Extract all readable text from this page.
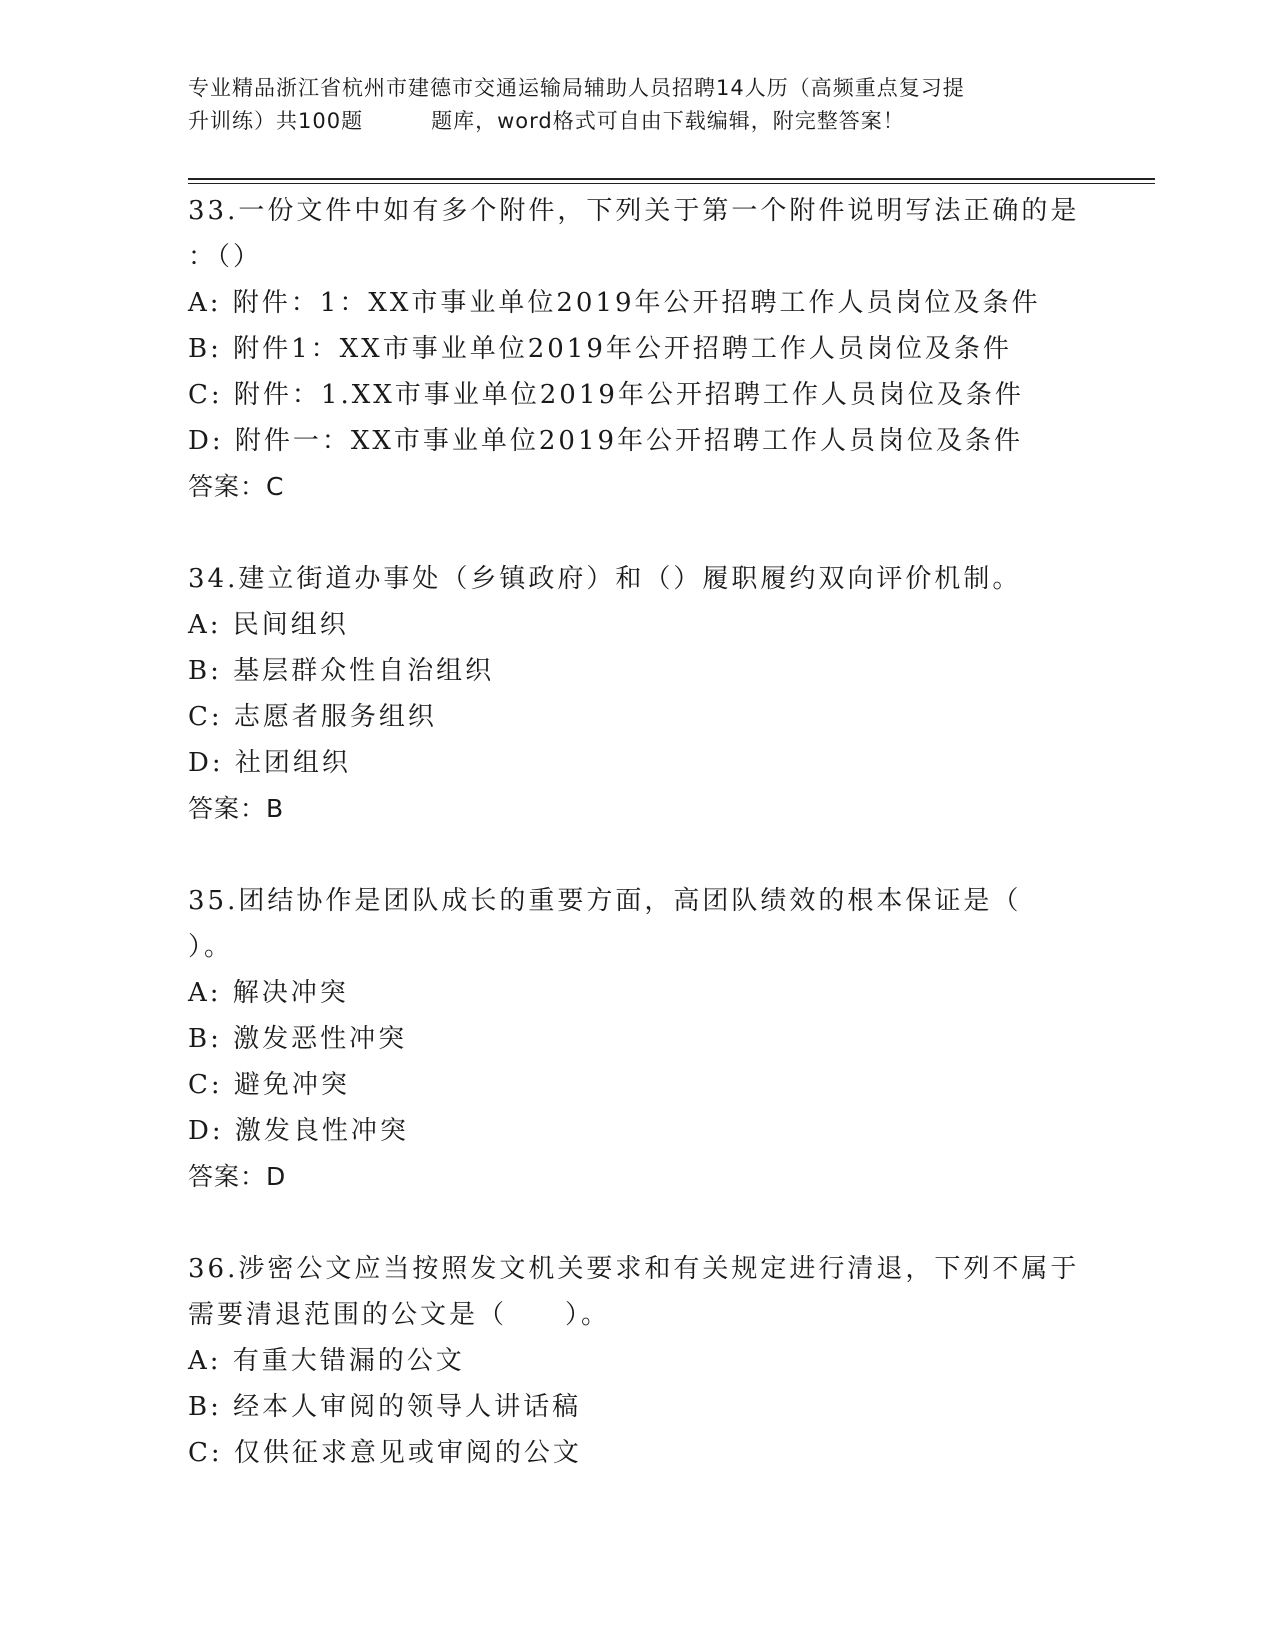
专业精品浙江省杭州市建德市交通运输局辅助人员招聘14人历（高频重点复习提
升训练）共100题	题库，word格式可自由下载编辑，附完整答案！
33.一份文件中如有多个附件，下列关于第一个附件说明写法正确的是
：（）
A: 附件：1：XX市事业单位2019年公开招聘工作人员岗位及条件
B: 附件1：XX市事业单位2019年公开招聘工作人员岗位及条件
C: 附件：1.XX市事业单位2019年公开招聘工作人员岗位及条件
D: 附件一：XX市事业单位2019年公开招聘工作人员岗位及条件
答案：C
34.建立街道办事处（乡镇政府）和（）履职履约双向评价机制。
A: 民间组织
B: 基层群众性自治组织
C: 志愿者服务组织
D: 社团组织
答案：B
35.团结协作是团队成长的重要方面，高团队绩效的根本保证是（
）。
A: 解决冲突
B: 激发恶性冲突
C: 避免冲突
D: 激发良性冲突
答案：D
36.涉密公文应当按照发文机关要求和有关规定进行清退，下列不属于
需要清退范围的公文是（　　）。
A: 有重大错漏的公文
B: 经本人审阅的领导人讲话稿
C: 仅供征求意见或审阅的公文
